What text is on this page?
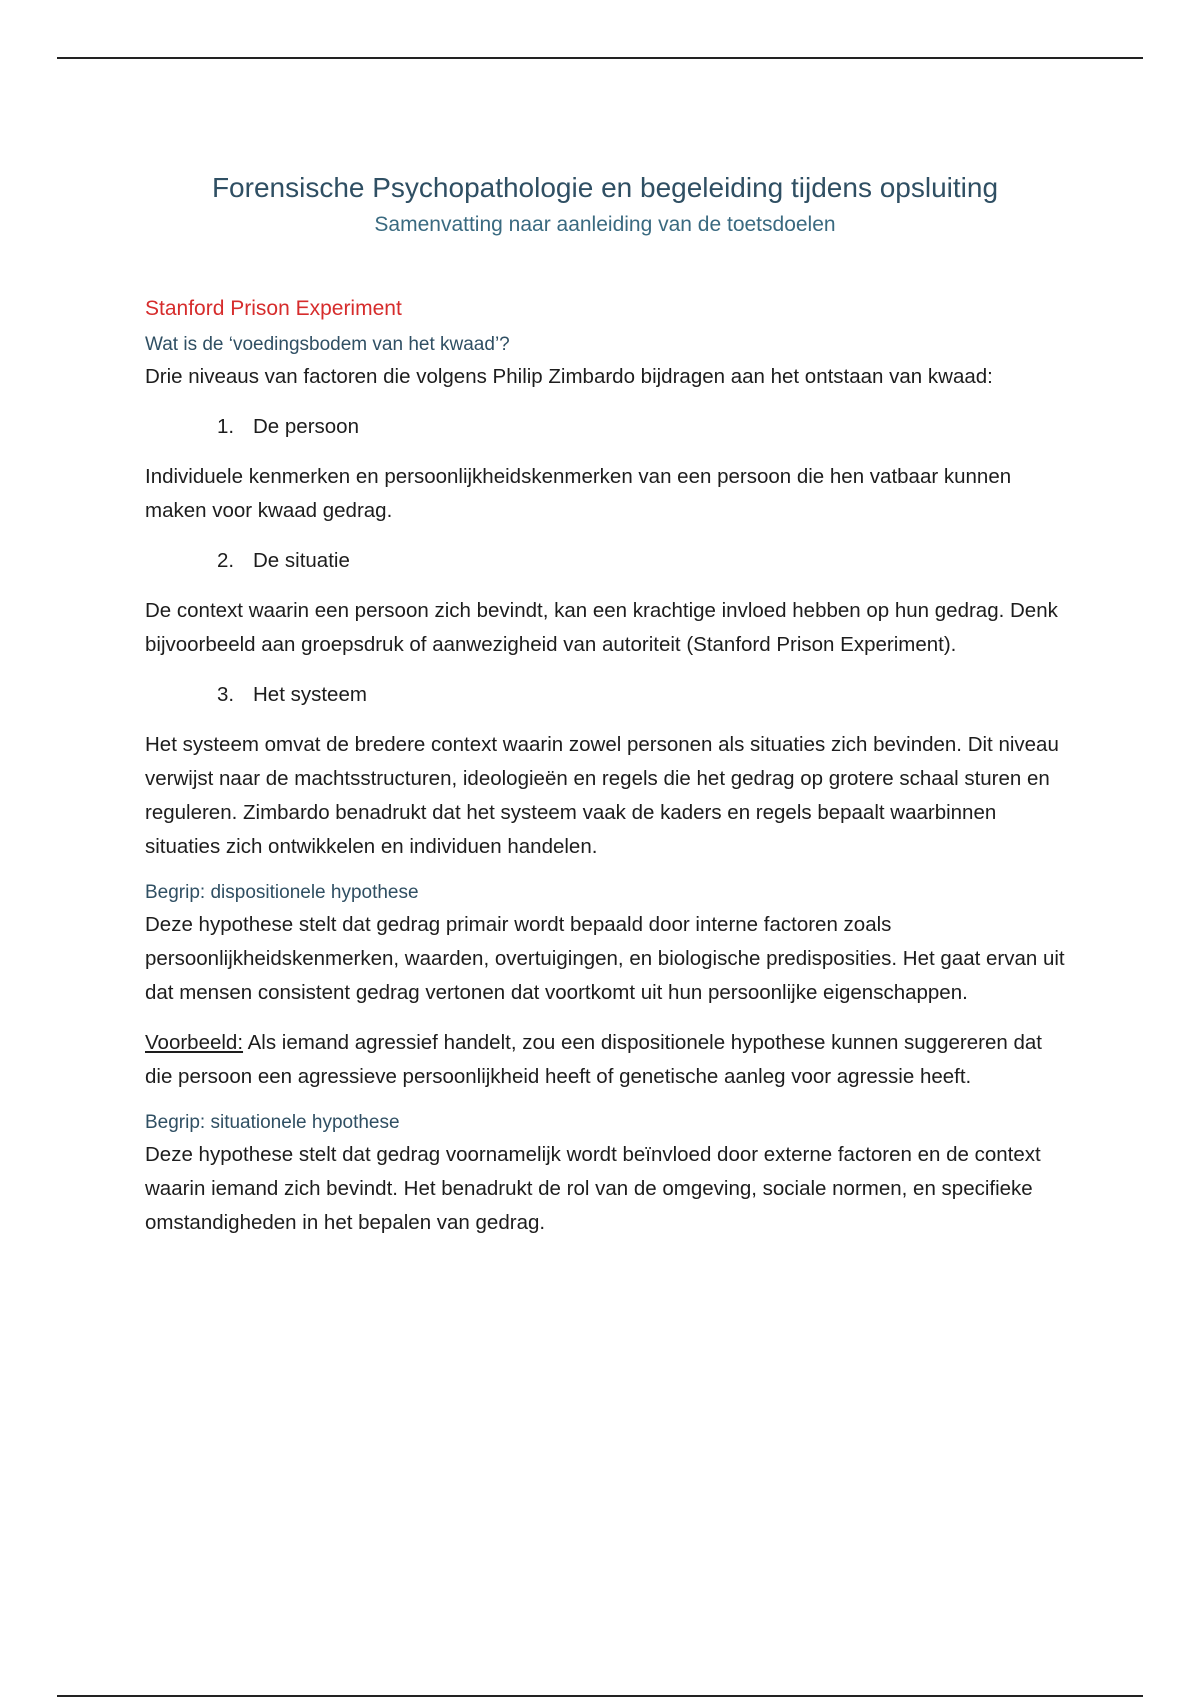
Forensische Psychopathologie en begeleiding tijdens opsluiting
Samenvatting naar aanleiding van de toetsdoelen
Stanford Prison Experiment
Wat is de ‘voedingsbodem van het kwaad’?

Drie niveaus van factoren die volgens Philip Zimbardo bijdragen aan het ontstaan van kwaad:

1. De persoon

Individuele kenmerken en persoonlijkheidskenmerken van een persoon die hen vatbaar kunnen maken voor kwaad gedrag.

2. De situatie

De context waarin een persoon zich bevindt, kan een krachtige invloed hebben op hun gedrag. Denk bijvoorbeeld aan groepsdruk of aanwezigheid van autoriteit (Stanford Prison Experiment).

3. Het systeem

Het systeem omvat de bredere context waarin zowel personen als situaties zich bevinden. Dit niveau verwijst naar de machtsstructuren, ideologieën en regels die het gedrag op grotere schaal sturen en reguleren. Zimbardo benadrukt dat het systeem vaak de kaders en regels bepaalt waarbinnen situaties zich ontwikkelen en individuen handelen.

Begrip: dispositionele hypothese

Deze hypothese stelt dat gedrag primair wordt bepaald door interne factoren zoals persoonlijkheidskenmerken, waarden, overtuigingen, en biologische predisposities. Het gaat ervan uit dat mensen consistent gedrag vertonen dat voortkomt uit hun persoonlijke eigenschappen.

Voorbeeld: Als iemand agressief handelt, zou een dispositionele hypothese kunnen suggereren dat die persoon een agressieve persoonlijkheid heeft of genetische aanleg voor agressie heeft.

Begrip: situationele hypothese

Deze hypothese stelt dat gedrag voornamelijk wordt beïnvloed door externe factoren en de context waarin iemand zich bevindt. Het benadrukt de rol van de omgeving, sociale normen, en specifieke omstandigheden in het bepalen van gedrag.
